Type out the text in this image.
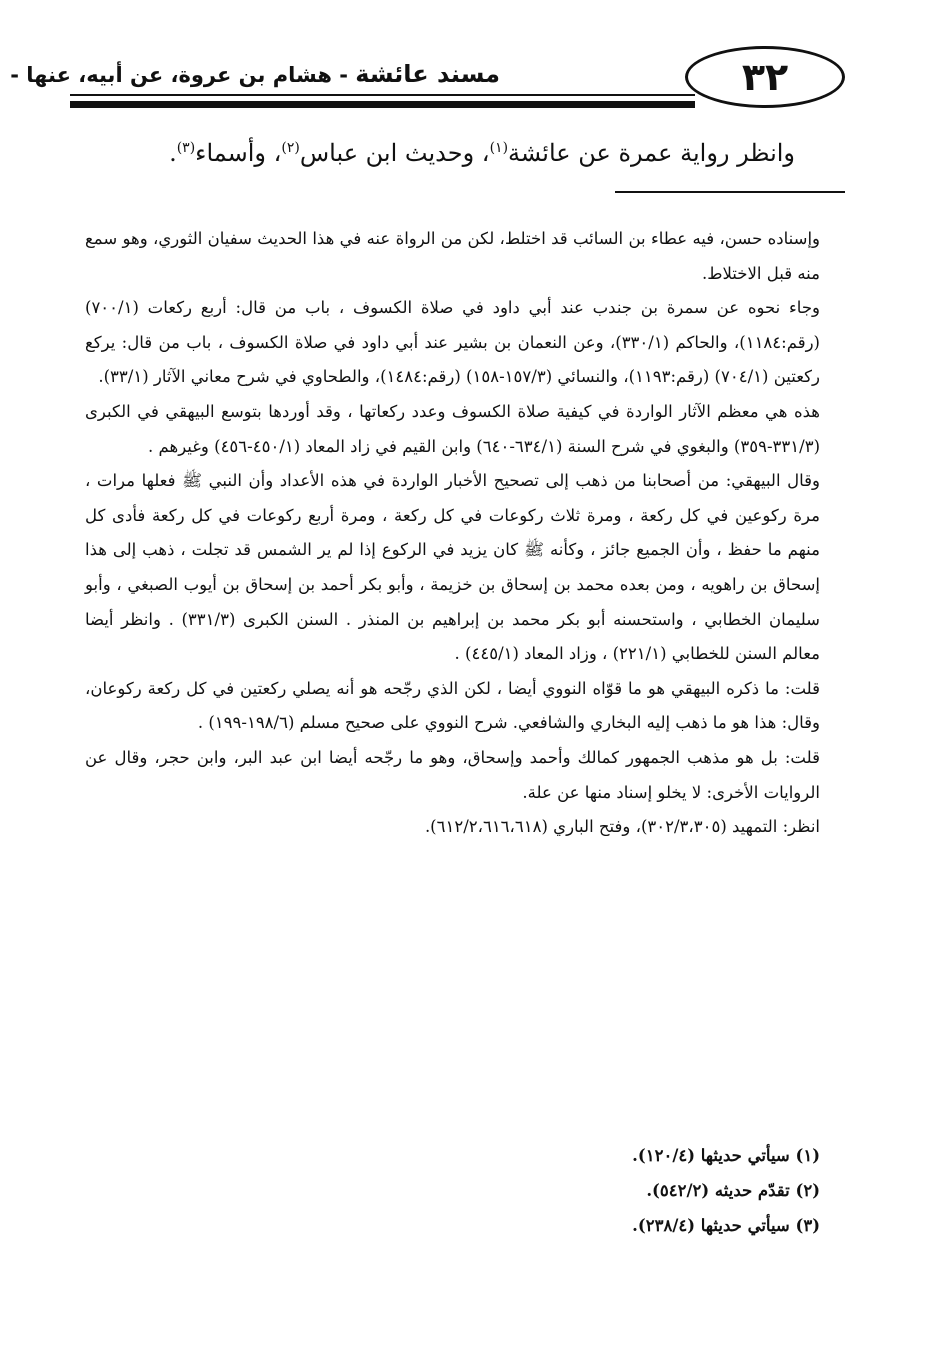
مسند عائشة - هشام بن عروة، عن أبيه، عنها -	٣٢
وانظر رواية عمرة عن عائشة$^{(١)}$، وحديث ابن عباس$^{(٢)}$، وأسماء$^{(٣)}$.

وإسناده حسن، فيه عطاء بن السائب قد اختلط، لكن من الرواة عنه في هذا الحديث سفيان الثوري، وهو سمع منه قبل الاختلاط.

وجاء نحوه عن سمرة بن جندب عند أبي داود في صلاة الكسوف ، باب من قال: أربع ركعات (٧٠٠/١) (رقم:١١٨٤)، والحاكم (٣٣٠/١)، وعن النعمان بن بشير عند أبي داود في صلاة الكسوف ، باب من قال: يركع ركعتين (٧٠٤/١) (رقم:١١٩٣)، والنسائي (١٥٧/٣-١٥٨) (رقم:١٤٨٤)، والطحاوي في شرح معاني الآثار (٣٣/١).

هذه هي معظم الآثار الواردة في كيفية صلاة الكسوف وعدد ركعاتها ، وقد أوردها بتوسع البيهقي في الكبرى (٣٣١/٣-٣٥٩) والبغوي في شرح السنة (٦٣٤/١-٦٤٠) وابن القيم في زاد المعاد (٤٥٠/١-٤٥٦) وغيرهم .

وقال البيهقي: من أصحابنا من ذهب إلى تصحيح الأخبار الواردة في هذه الأعداد وأن النبي ﷺ فعلها مرات ، مرة ركوعين في كل ركعة ، ومرة ثلاث ركوعات في كل ركعة ، ومرة أربع ركوعات في كل ركعة فأدى كل منهم ما حفظ ، وأن الجميع جائز ، وكأنه ﷺ كان يزيد في الركوع إذا لم ير الشمس قد تجلت ، ذهب إلى هذا إسحاق بن راهويه ، ومن بعده محمد بن إسحاق بن خزيمة ، وأبو بكر أحمد بن إسحاق بن أيوب الصبغي ، وأبو سليمان الخطابي ، واستحسنه أبو بكر محمد بن إبراهيم بن المنذر . السنن الكبرى (٣٣١/٣) . وانظر أيضا معالم السنن للخطابي (٢٢١/١) ، وزاد المعاد (٤٤٥/١) .

قلت: ما ذكره البيهقي هو ما قوّاه النووي أيضا ، لكن الذي رجّحه هو أنه يصلي ركعتين في كل ركعة ركوعان، وقال: هذا هو ما ذهب إليه البخاري والشافعي. شرح النووي على صحيح مسلم (١٩٨/٦-١٩٩) .

قلت: بل هو مذهب الجمهور كمالك وأحمد وإسحاق، وهو ما رجّحه أيضا ابن عبد البر، وابن حجر، وقال عن الروايات الأخرى: لا يخلو إسناد منها عن علة.

انظر: التمهيد (٣٠٢/٣،٣٠٥)، وفتح الباري (٦١٢/٢،٦١٦،٦١٨).

(١) سيأتي حديثها (١٢٠/٤).

(٢) تقدّم حديثه (٥٤٢/٢).

(٣) سيأتي حديثها (٢٣٨/٤).
